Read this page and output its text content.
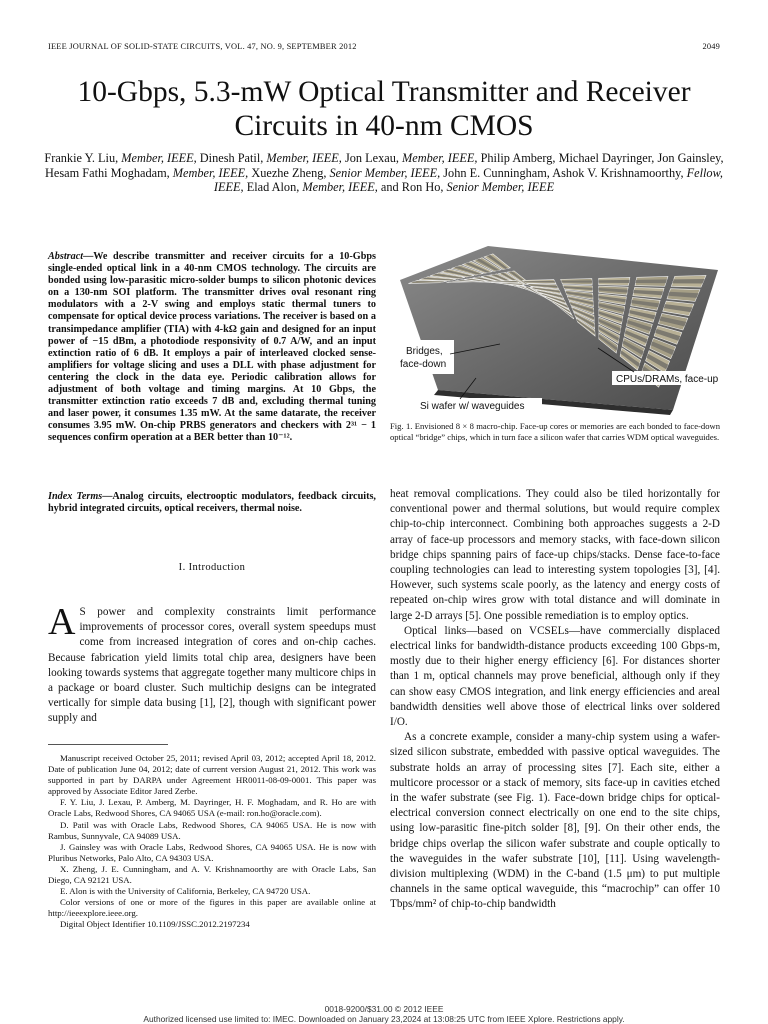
IEEE JOURNAL OF SOLID-STATE CIRCUITS, VOL. 47, NO. 9, SEPTEMBER 2012	2049
10-Gbps, 5.3-mW Optical Transmitter and Receiver Circuits in 40-nm CMOS
Frankie Y. Liu, Member, IEEE, Dinesh Patil, Member, IEEE, Jon Lexau, Member, IEEE, Philip Amberg, Michael Dayringer, Jon Gainsley, Hesam Fathi Moghadam, Member, IEEE, Xuezhe Zheng, Senior Member, IEEE, John E. Cunningham, Ashok V. Krishnamoorthy, Fellow, IEEE, Elad Alon, Member, IEEE, and Ron Ho, Senior Member, IEEE
Abstract—We describe transmitter and receiver circuits for a 10-Gbps single-ended optical link in a 40-nm CMOS technology. The circuits are bonded using low-parasitic micro-solder bumps to silicon photonic devices on a 130-nm SOI platform. The transmitter drives oval resonant ring modulators with a 2-V swing and employs static thermal tuners to compensate for optical device process variations. The receiver is based on a transimpedance amplifier (TIA) with 4-kΩ gain and designed for an input power of −15 dBm, a photodiode responsivity of 0.7 A/W, and an input extinction ratio of 6 dB. It employs a pair of interleaved clocked sense-amplifiers for voltage slicing and uses a DLL with phase adjustment for centering the clock in the data eye. Periodic calibration allows for adjustment of both voltage and timing margins. At 10 Gbps, the transmitter extinction ratio exceeds 7 dB and, excluding thermal tuning and laser power, it consumes 1.35 mW. At the same datarate, the receiver consumes 3.95 mW. On-chip PRBS generators and checkers with 2³¹ − 1 sequences confirm operation at a BER better than 10⁻¹².
Index Terms—Analog circuits, electrooptic modulators, feedback circuits, hybrid integrated circuits, optical receivers, thermal noise.
I. Introduction
A S power and complexity constraints limit performance improvements of processor cores, overall system speedups must come from increased integration of cores and on-chip caches. Because fabrication yield limits total chip area, designers have been looking towards systems that aggregate together many multicore chips in a package or board cluster. Such multichip designs can be integrated vertically for simple data busing [1], [2], though with significant power supply and

Manuscript received October 25, 2011; revised April 03, 2012; accepted April 18, 2012. Date of publication June 04, 2012; date of current version August 21, 2012. This work was supported in part by DARPA under Agreement HR0011-08-09-0001. This paper was approved by Associate Editor Jared Zerbe.

F. Y. Liu, J. Lexau, P. Amberg, M. Dayringer, H. F. Moghadam, and R. Ho are with Oracle Labs, Redwood Shores, CA 94065 USA (e-mail: ron.ho@oracle.com).

D. Patil was with Oracle Labs, Redwood Shores, CA 94065 USA. He is now with Rambus, Sunnyvale, CA 94089 USA.

J. Gainsley was with Oracle Labs, Redwood Shores, CA 94065 USA. He is now with Pluribus Networks, Palo Alto, CA 94303 USA.

X. Zheng, J. E. Cunningham, and A. V. Krishnamoorthy are with Oracle Labs, San Diego, CA 92121 USA.

E. Alon is with the University of California, Berkeley, CA 94720 USA.

Color versions of one or more of the figures in this paper are available online at http://ieeexplore.ieee.org.

Digital Object Identifier 10.1109/JSSC.2012.2197234

Bridges,
face-down
CPUs/DRAMs, face-up
Si wafer w/ waveguides
Fig. 1. Envisioned 8 × 8 macro-chip. Face-up cores or memories are each bonded to face-down optical “bridge” chips, which in turn face a silicon wafer that carries WDM optical waveguides.

heat removal complications. They could also be tiled horizontally for conventional power and thermal solutions, but would require complex chip-to-chip interconnect. Combining both approaches suggests a 2-D array of face-up processors and memory stacks, with face-down silicon bridge chips spanning pairs of face-up chips/stacks. Dense face-to-face coupling technologies can lead to interesting system topologies [3], [4]. However, such systems scale poorly, as the latency and energy costs of repeated on-chip wires grow with total distance and will dominate in large 2-D arrays [5]. One possible remediation is to employ optics.

Optical links—based on VCSELs—have commercially displaced electrical links for bandwidth-distance products exceeding 100 Gbps-m, mostly due to their higher energy efficiency [6]. For distances shorter than 1 m, optical channels may prove beneficial, although only if they can show easy CMOS integration, and link energy efficiencies and areal bandwidth densities well above those of electrical links over soldered I/O.

As a concrete example, consider a many-chip system using a wafer-sized silicon substrate, embedded with passive optical waveguides. The substrate holds an array of processing sites [7]. Each site, either a multicore processor or a stack of memory, sits face-up in cavities etched in the wafer substrate (see Fig. 1). Face-down bridge chips for optical-electrical conversion connect electrically on one end to the site chips, using low-parasitic fine-pitch solder [8], [9]. On their other ends, the bridge chips overlap the silicon wafer substrate and couple optically to the waveguides in the wafer substrate [10], [11]. Using wavelength-division multiplexing (WDM) in the C-band (1.5 μm) to put multiple channels in the same optical waveguide, this “macrochip” can offer 10 Tbps/mm² of chip-to-chip bandwidth

0018-9200/$31.00 © 2012 IEEE
Authorized licensed use limited to: IMEC. Downloaded on January 23,2024 at 13:08:25 UTC from IEEE Xplore. Restrictions apply.
